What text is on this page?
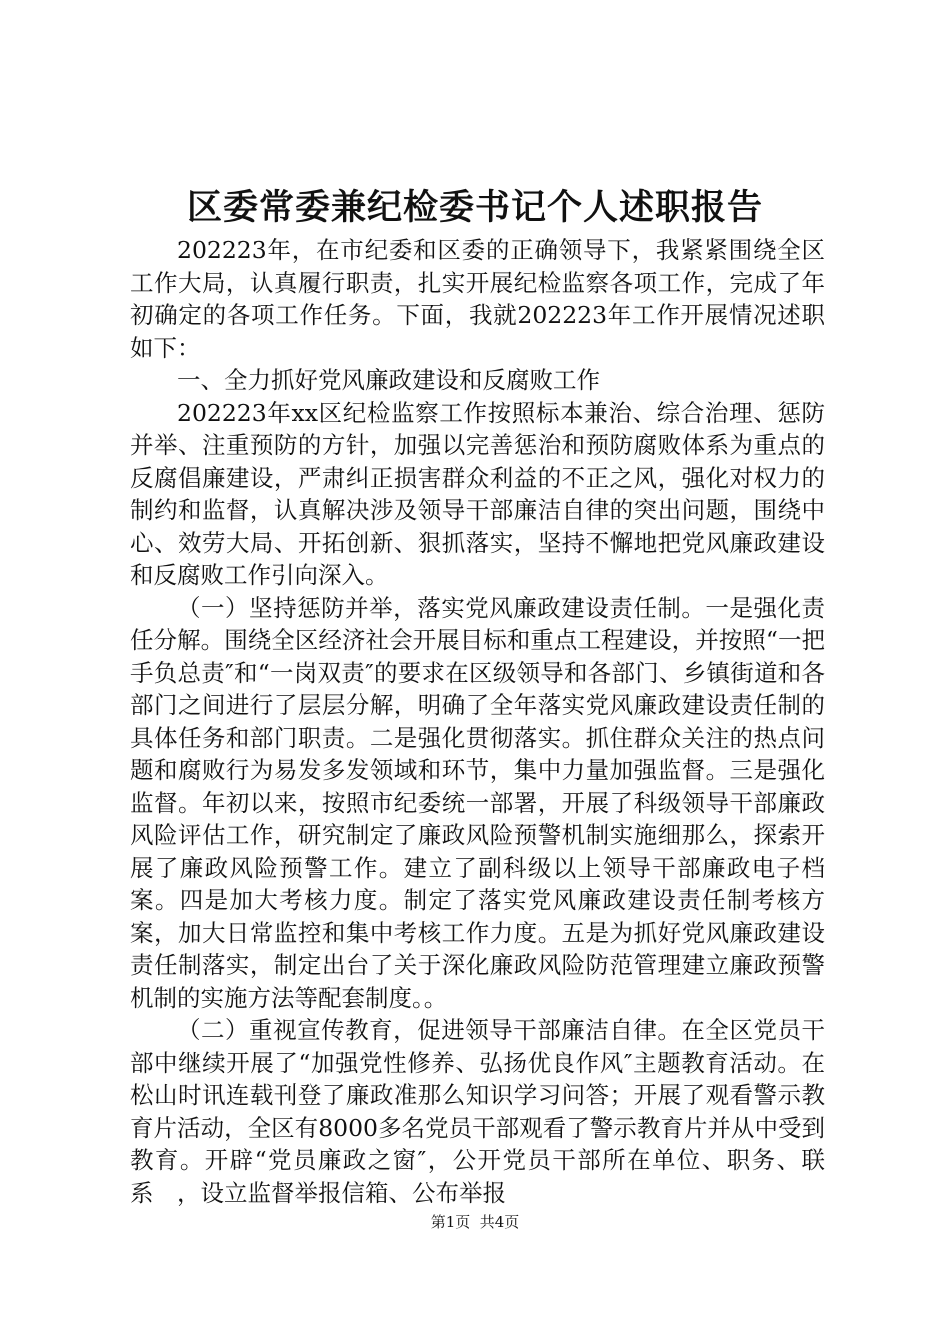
区委常委兼纪检委书记个人述职报告

202223年，在市纪委和区委的正确领导下，我紧紧围绕全区工作大局，认真履行职责，扎实开展纪检监察各项工作，完成了年初确定的各项工作任务。下面，我就202223年工作开展情况述职如下：

一、全力抓好党风廉政建设和反腐败工作

202223年xx区纪检监察工作按照标本兼治、综合治理、惩防并举、注重预防的方针，加强以完善惩治和预防腐败体系为重点的反腐倡廉建设，严肃纠正损害群众利益的不正之风，强化对权力的制约和监督，认真解决涉及领导干部廉洁自律的突出问题，围绕中心、效劳大局、开拓创新、狠抓落实，坚持不懈地把党风廉政建设和反腐败工作引向深入。

（一）坚持惩防并举，落实党风廉政建设责任制。一是强化责任分解。围绕全区经济社会开展目标和重点工程建设，并按照“一把手负总责″和“一岗双责″的要求在区级领导和各部门、乡镇街道和各部门之间进行了层层分解，明确了全年落实党风廉政建设责任制的具体任务和部门职责。二是强化贯彻落实。抓住群众关注的热点问题和腐败行为易发多发领域和环节，集中力量加强监督。三是强化监督。年初以来，按照市纪委统一部署，开展了科级领导干部廉政风险评估工作，研究制定了廉政风险预警机制实施细那么，探索开展了廉政风险预警工作。建立了副科级以上领导干部廉政电子档案。四是加大考核力度。制定了落实党风廉政建设责任制考核方案，加大日常监控和集中考核工作力度。五是为抓好党风廉政建设责任制落实，制定出台了关于深化廉政风险防范管理建立廉政预警机制的实施方法等配套制度。。

（二）重视宣传教育，促进领导干部廉洁自律。在全区党员干部中继续开展了“加强党性修养、弘扬优良作风″主题教育活动。在松山时讯连载刊登了廉政准那么知识学习问答；开展了观看警示教育片活动，全区有8000多名党员干部观看了警示教育片并从中受到教育。开辟“党员廉政之窗″，公开党员干部所在单位、职务、联系　，设立监督举报信箱、公布举报

第1页  共4页
